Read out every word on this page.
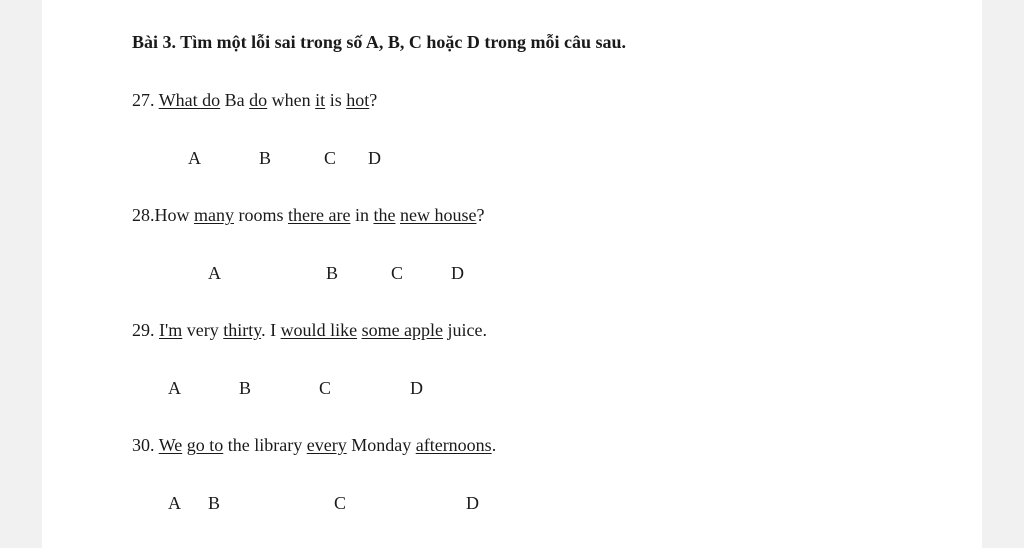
Bài 3. Tìm một lỗi sai trong số A, B, C hoặc D trong mỗi câu sau.
27. What do Ba do when it is hot?
28.How many rooms there are in the new house?
29. I'm very thirty. I would like some apple juice.
30. We go to the library every Monday afternoons.
A	B	C D
A	B	C	D
A	B	C	D
A B	C	D
